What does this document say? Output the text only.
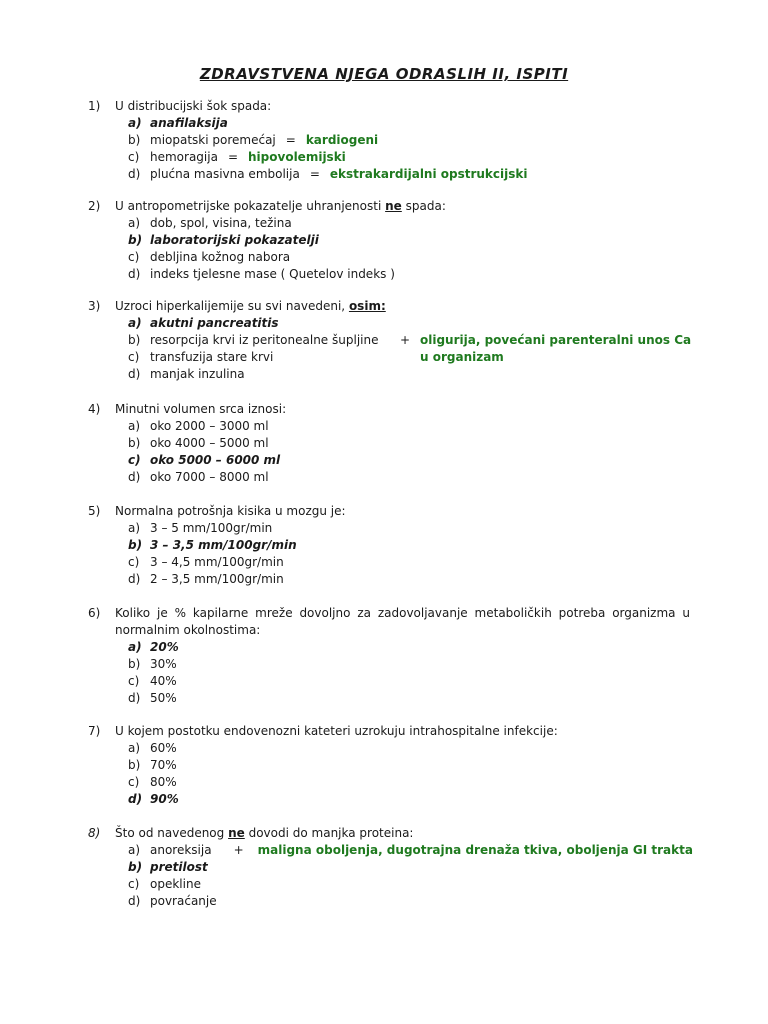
ZDRAVSTVENA NJEGA ODRASLIH II, ISPITI
1) U distribucijski šok spada:
a) anafilaksija
b) miopatski poremećaj = kardiogeni
c) hemoragija = hipovolemijski
d) plućna masivna embolija = ekstrakardijalni opstrukcijski
2) U antropometrijske pokazatelje uhranjenosti ne spada:
a) dob, spol, visina, težina
b) laboratorijski pokazatelji
c) debljina kožnog nabora
d) indeks tjelesne mase ( Quetelov indeks )
3) Uzroci hiperkalijemije su svi navedeni, osim:
a) akutni pancreatitis
b) resorpcija krvi iz peritonealne šupljine + oligurija, povećani parenteralni unos Ca
c) transfuzija stare krvi	u organizam
d) manjak inzulina
4) Minutni volumen srca iznosi:
a) oko 2000 – 3000 ml
b) oko 4000 – 5000 ml
c) oko 5000 – 6000 ml
d) oko 7000 – 8000 ml
5) Normalna potrošnja kisika u mozgu je:
a) 3 – 5 mm/100gr/min
b) 3 – 3,5 mm/100gr/min
c) 3 – 4,5 mm/100gr/min
d) 2 – 3,5 mm/100gr/min
6) Koliko je % kapilarne mreže dovoljno za zadovoljavanje metaboličkih potreba organizma u normalnim okolnostima:
a) 20%
b) 30%
c) 40%
d) 50%
7) U kojem postotku endovenozni kateteri uzrokuju intrahospitalne infekcije:
a) 60%
b) 70%
c) 80%
d) 90%
8) Što od navedenog ne dovodi do manjka proteina:
a) anoreksija + maligna oboljenja, dugotrajna drenaža tkiva, oboljenja GI trakta
b) pretilost
c) opekline
d) povraćanje
